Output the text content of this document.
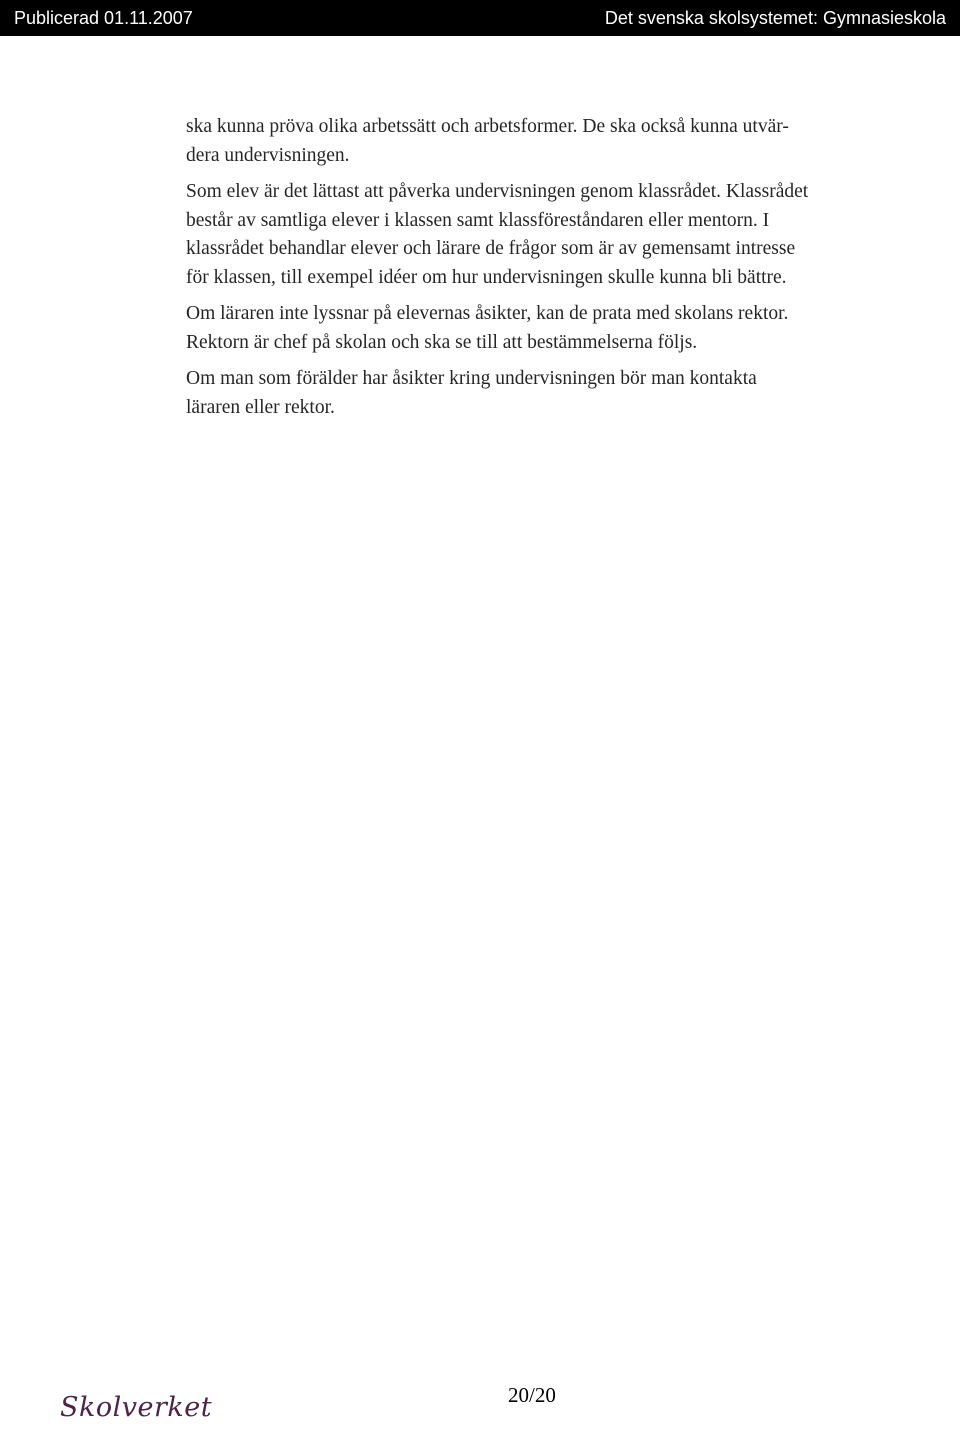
Publicerad 01.11.2007	Det svenska skolsystemet: Gymnasieskola

ska kunna pröva olika arbetssätt och arbetsformer. De ska också kunna utvär-
dera undervisningen.

Som elev är det lättast att påverka undervisningen genom klassrådet. Klassrådet
består av samtliga elever i klassen samt klassföreståndaren eller mentorn. I
klassrådet behandlar elever och lärare de frågor som är av gemensamt intresse
för klassen, till exempel idéer om hur undervisningen skulle kunna bli bättre.

Om läraren inte lyssnar på elevernas åsikter, kan de prata med skolans rektor.
Rektorn är chef på skolan och ska se till att bestämmelserna följs.

Om man som förälder har åsikter kring undervisningen bör man kontakta
läraren eller rektor.

Skolverket	20/20
